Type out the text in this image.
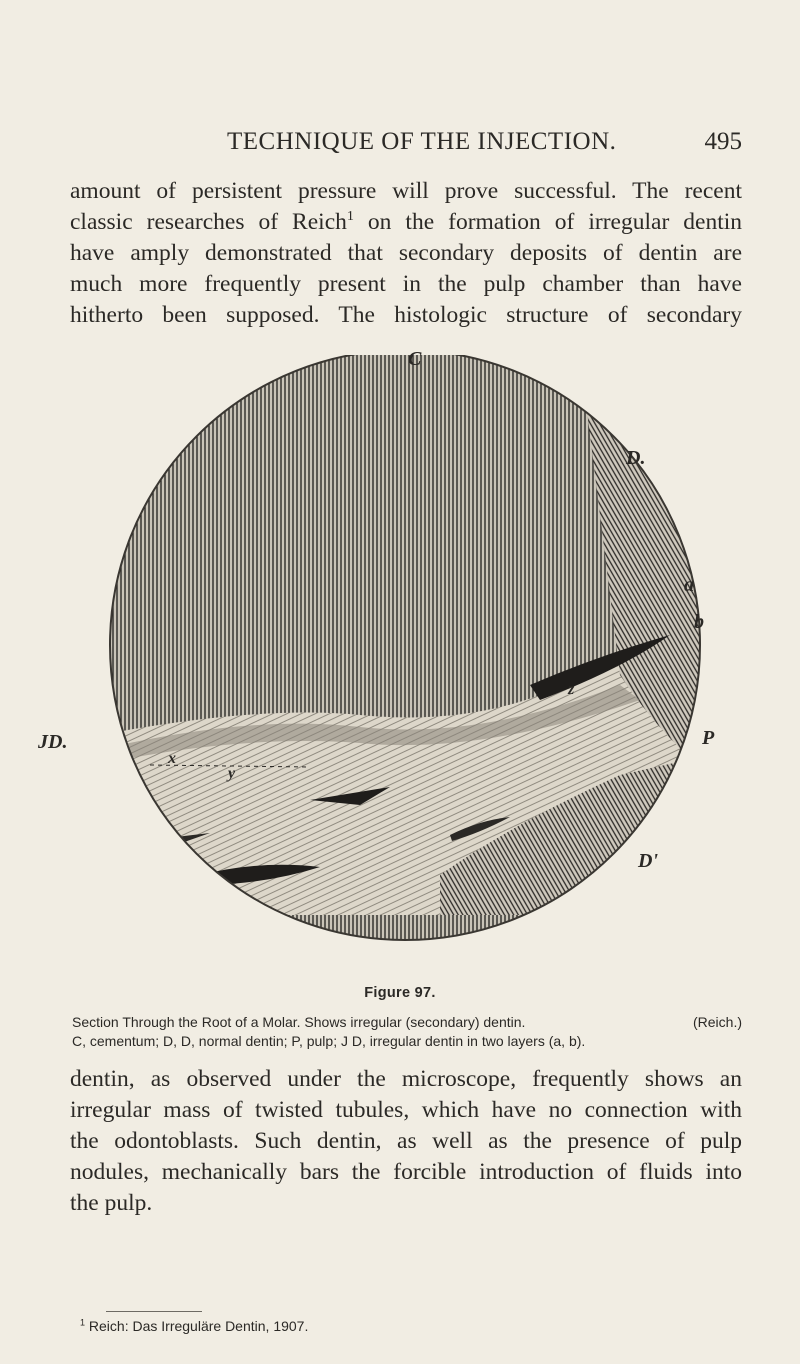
TECHNIQUE OF THE INJECTION.	495
amount of persistent pressure will prove successful. The recent
classic researches of Reich$^1$ on the formation of irregular dentin
have amply demonstrated that secondary deposits of dentin are
much more frequently present in the pulp chamber than have
hitherto been supposed. The histologic structure of secondary
C
D.
a
b
JD.	P
z
x
y
D'
Figure 97.
Section Through the Root of a Molar. Shows irregular (secondary) dentin.	(Reich.)
C, cementum; D, D, normal dentin; P, pulp; J D, irregular dentin in two layers (a, b).
dentin, as observed under the microscope, frequently shows an
irregular mass of twisted tubules, which have no connection with
the odontoblasts. Such dentin, as well as the presence of pulp
nodules, mechanically bars the forcible introduction of fluids into
the pulp.
$^1$ Reich: Das Irreguläre Dentin, 1907.
